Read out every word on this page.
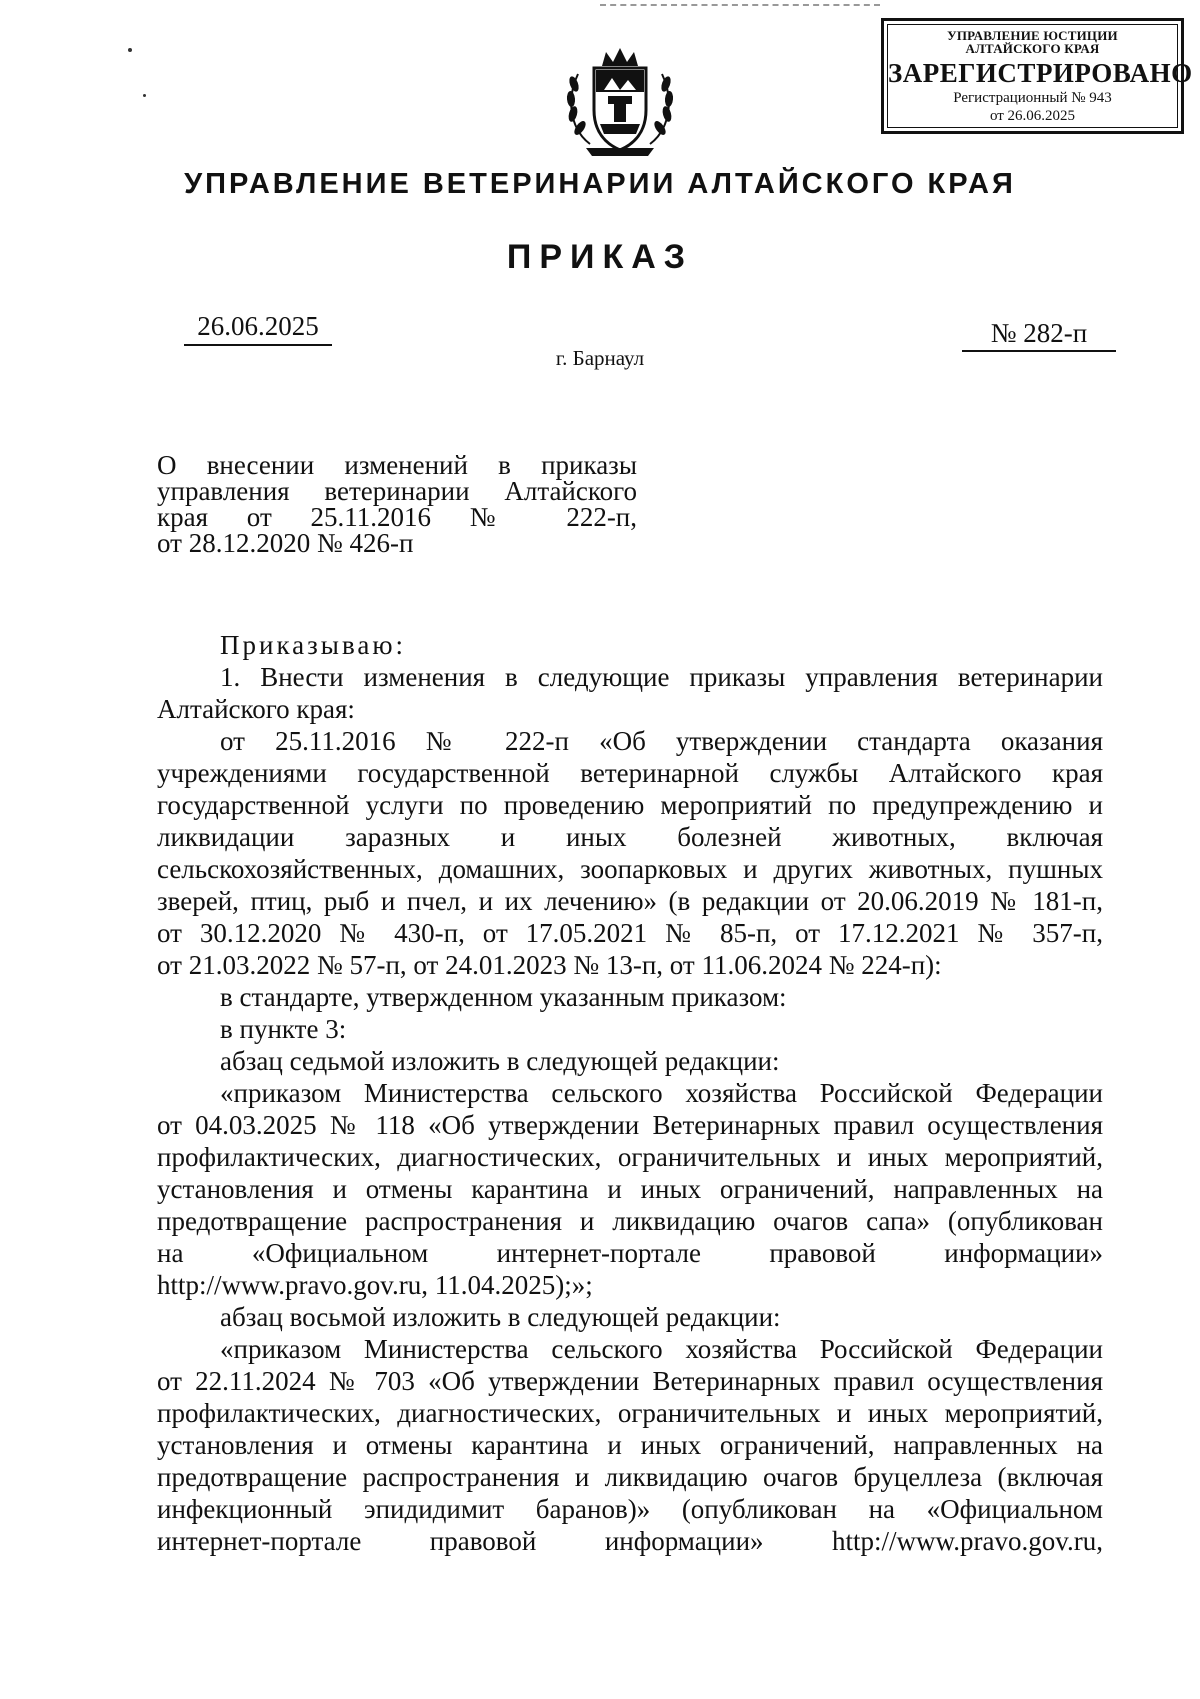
УПРАВЛЕНИЕ ЮСТИЦИИ
АЛТАЙСКОГО КРАЯ
ЗАРЕГИСТРИРОВАНО
Регистрационный № 943
от 26.06.2025
УПРАВЛЕНИЕ ВЕТЕРИНАРИИ АЛТАЙСКОГО КРАЯ
ПРИКАЗ
26.06.2025	№ 282-п
г. Барнаул
О внесении изменений в приказы
управления ветеринарии Алтайского
края от 25.11.2016 № 222-п,
от 28.12.2020 № 426-п
Приказываю:
1. Внести изменения в следующие приказы управления ветеринарии
Алтайского края:
от 25.11.2016 № 222-п «Об утверждении стандарта оказания
учреждениями государственной ветеринарной службы Алтайского края
государственной услуги по проведению мероприятий по предупреждению и
ликвидации заразных и иных болезней животных, включая
сельскохозяйственных, домашних, зоопарковых и других животных, пушных
зверей, птиц, рыб и пчел, и их лечению» (в редакции от 20.06.2019 № 181-п,
от 30.12.2020 № 430-п, от 17.05.2021 № 85-п, от 17.12.2021 № 357-п,
от 21.03.2022 № 57-п, от 24.01.2023 № 13-п, от 11.06.2024 № 224-п):
в стандарте, утвержденном указанным приказом:
в пункте 3:
абзац седьмой изложить в следующей редакции:
«приказом Министерства сельского хозяйства Российской Федерации
от 04.03.2025 № 118 «Об утверждении Ветеринарных правил осуществления
профилактических, диагностических, ограничительных и иных мероприятий,
установления и отмены карантина и иных ограничений, направленных на
предотвращение распространения и ликвидацию очагов сапа» (опубликован
на «Официальном интернет-портале правовой информации»
http://www.pravo.gov.ru, 11.04.2025);»;
абзац восьмой изложить в следующей редакции:
«приказом Министерства сельского хозяйства Российской Федерации
от 22.11.2024 № 703 «Об утверждении Ветеринарных правил осуществления
профилактических, диагностических, ограничительных и иных мероприятий,
установления и отмены карантина и иных ограничений, направленных на
предотвращение распространения и ликвидацию очагов бруцеллеза (включая
инфекционный эпидидимит баранов)» (опубликован на «Официальном
интернет-портале правовой информации» http://www.pravo.gov.ru,
